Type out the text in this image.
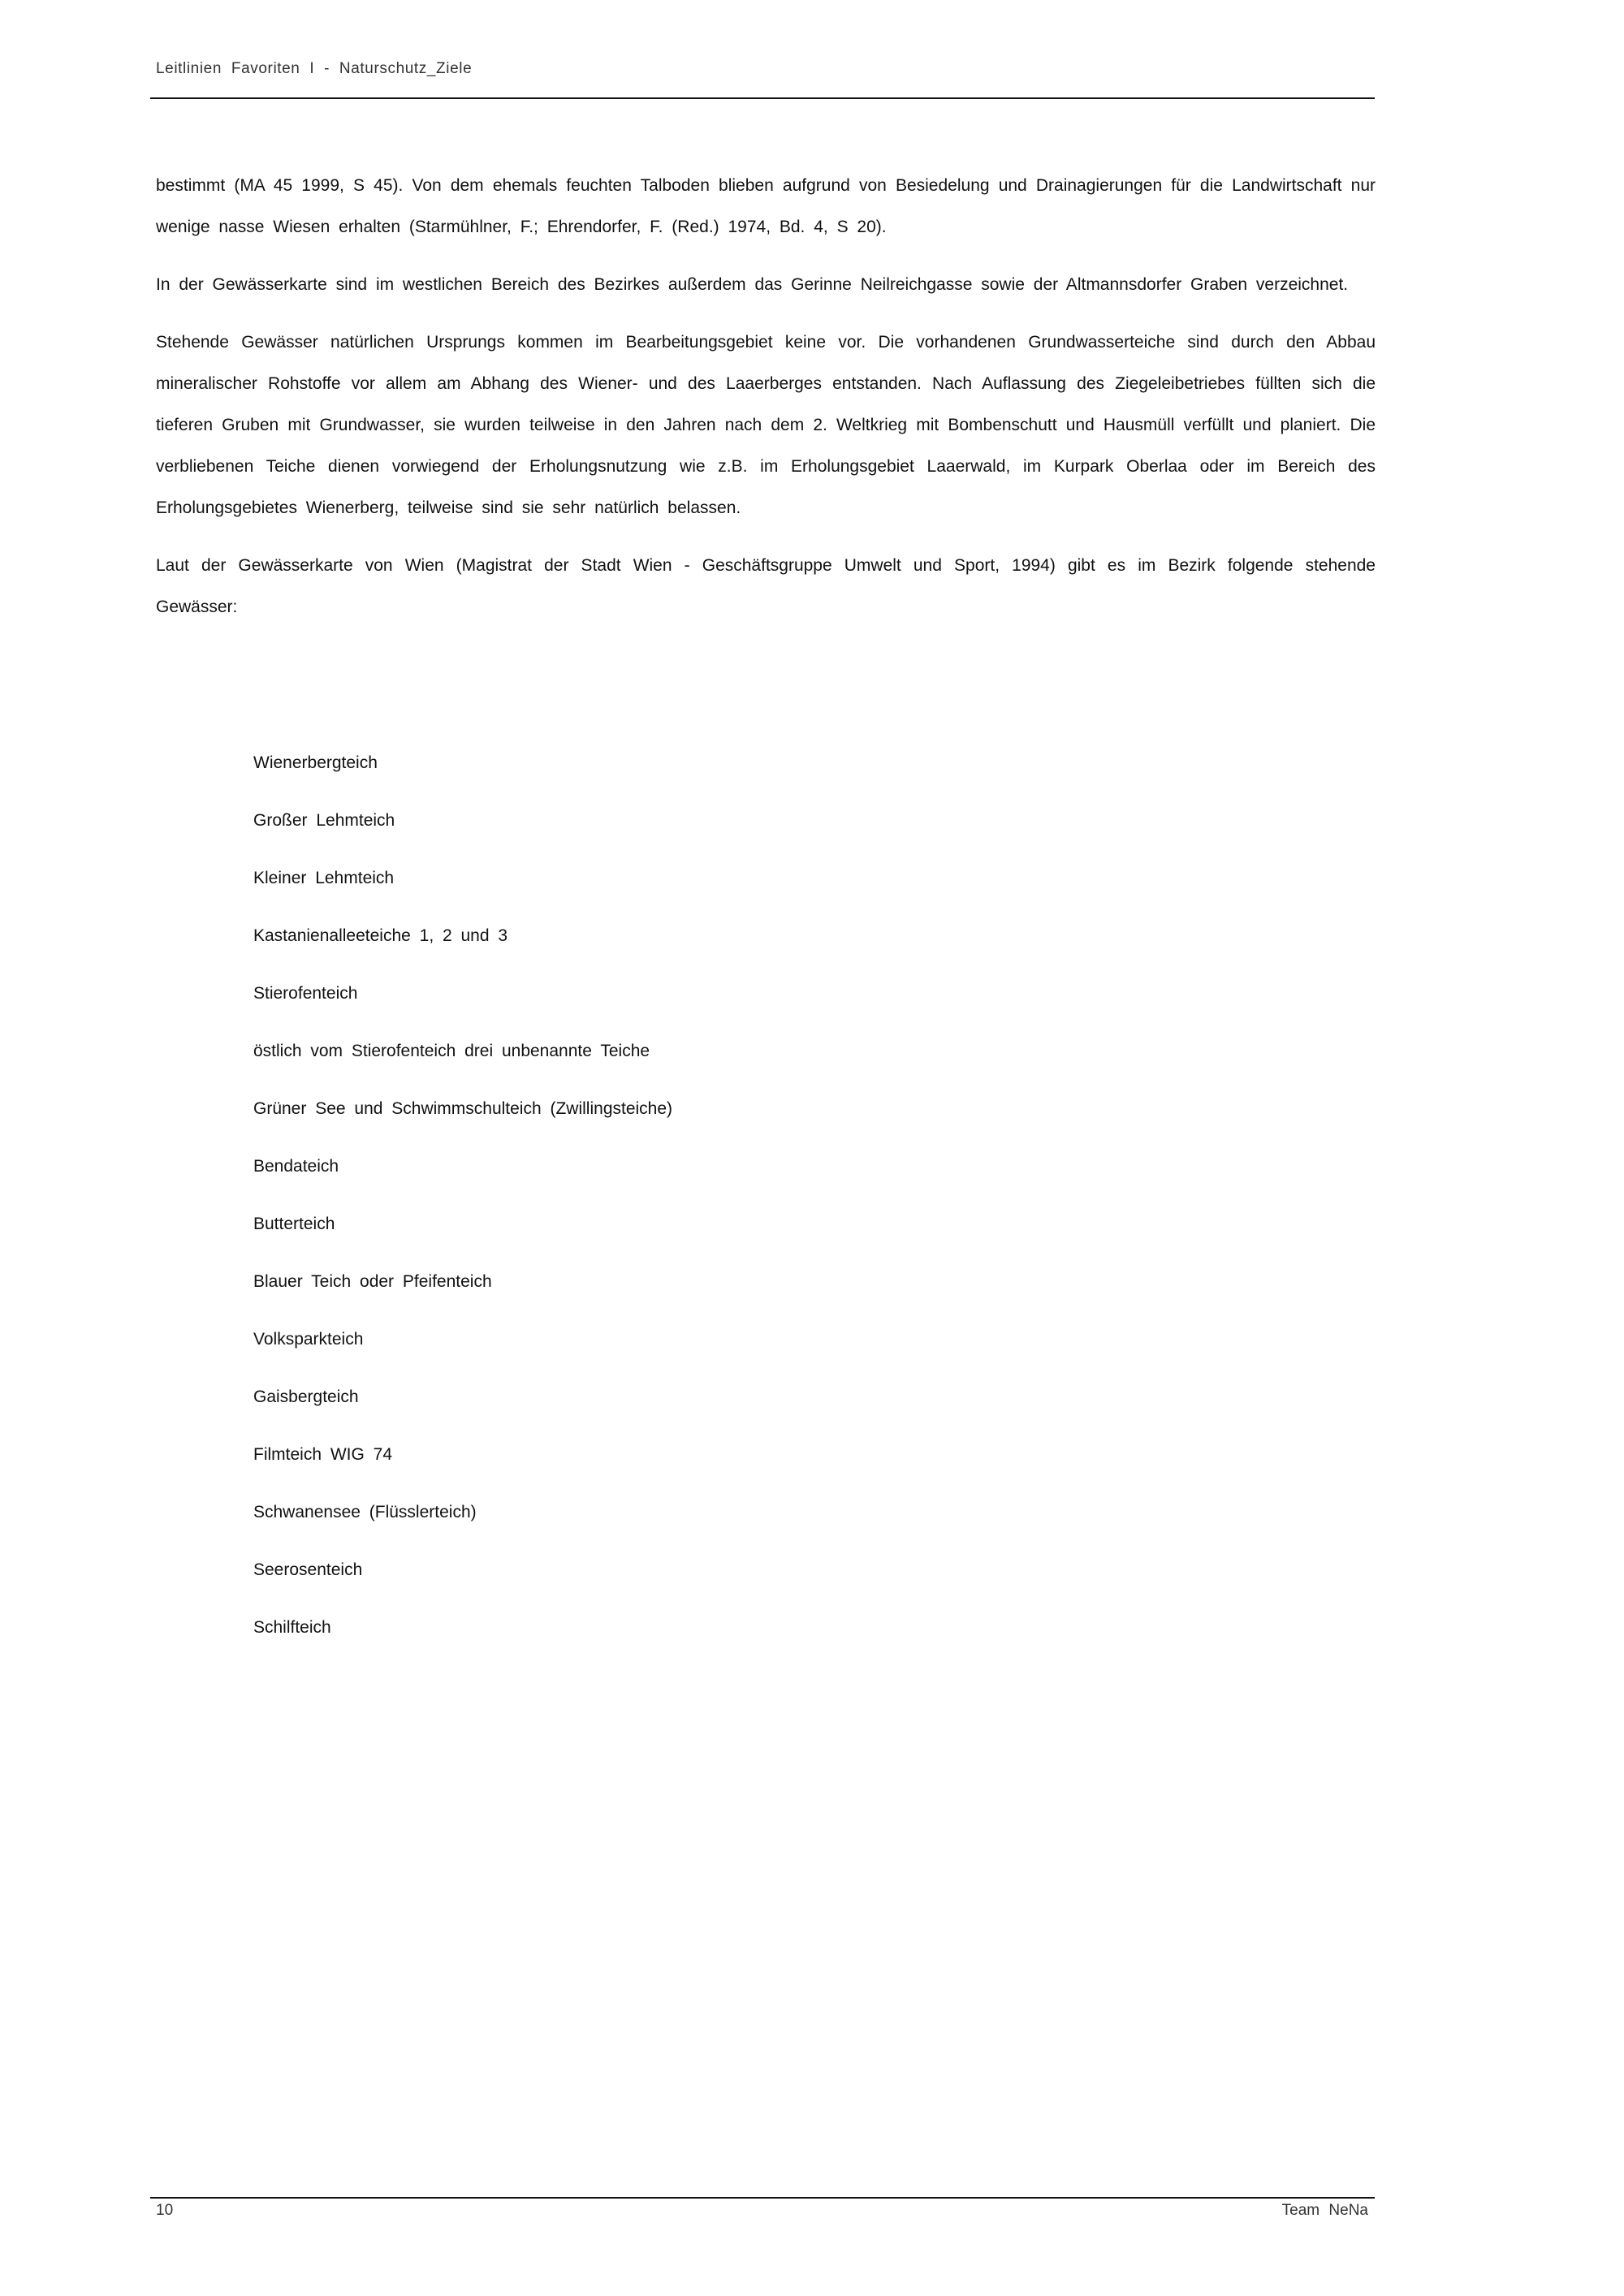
Leitlinien Favoriten I - Naturschutz_Ziele

bestimmt (MA 45 1999, S 45). Von dem ehemals feuchten Talboden blieben aufgrund von Besiedelung und Drainagierungen für die Landwirtschaft nur wenige nasse Wiesen erhalten (Starmühlner, F.; Ehrendorfer, F. (Red.) 1974, Bd. 4, S 20).

In der Gewässerkarte sind im westlichen Bereich des Bezirkes außerdem das Gerinne Neilreichgasse sowie der Altmannsdorfer Graben verzeichnet.

Stehende Gewässer natürlichen Ursprungs kommen im Bearbeitungsgebiet keine vor. Die vorhandenen Grundwasserteiche sind durch den Abbau mineralischer Rohstoffe vor allem am Abhang des Wiener- und des Laaerberges entstanden. Nach Auflassung des Ziegeleibetriebes füllten sich die tieferen Gruben mit Grundwasser, sie wurden teilweise in den Jahren nach dem 2. Weltkrieg mit Bombenschutt und Hausmüll verfüllt und planiert. Die verbliebenen Teiche dienen vorwiegend der Erholungsnutzung wie z.B. im Erholungsgebiet Laaerwald, im Kurpark Oberlaa oder im Bereich des Erholungsgebietes Wienerberg, teilweise sind sie sehr natürlich belassen.

Laut der Gewässerkarte von Wien (Magistrat der Stadt Wien - Geschäftsgruppe Umwelt und Sport, 1994) gibt es im Bezirk folgende stehende Gewässer:

Wienerbergteich
Großer Lehmteich
Kleiner Lehmteich
Kastanienalleeteiche 1, 2 und 3
Stierofenteich
östlich vom Stierofenteich drei unbenannte Teiche
Grüner See und Schwimmschulteich (Zwillingsteiche)
Bendateich
Butterteich
Blauer Teich oder Pfeifenteich
Volksparkteich
Gaisbergteich
Filmteich WIG 74
Schwanensee (Flüsslerteich)
Seerosenteich
Schilfteich
10	Team NeNa
